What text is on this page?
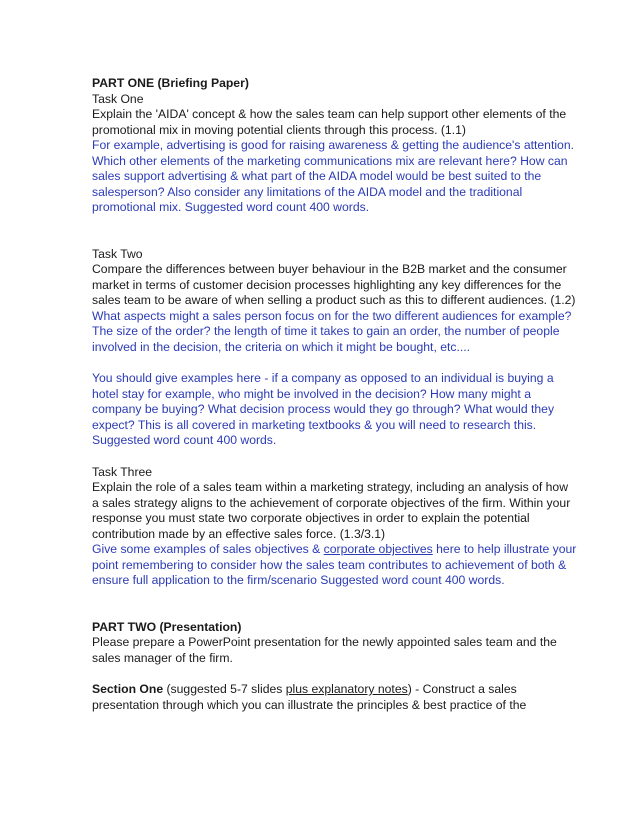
PART ONE (Briefing Paper)

Task One

Explain the 'AIDA' concept & how the sales team can help support other elements of the promotional mix in moving potential clients through this process. (1.1)

For example, advertising is good for raising awareness & getting the audience's attention. Which other elements of the marketing communications mix are relevant here? How can sales support advertising & what part of the AIDA model would be best suited to the salesperson? Also consider any limitations of the AIDA model and the traditional promotional mix. Suggested word count 400 words.

Task Two

Compare the differences between buyer behaviour in the B2B market and the consumer market in terms of customer decision processes highlighting any key differences for the sales team to be aware of when selling a product such as this to different audiences. (1.2)

What aspects might a sales person focus on for the two different audiences for example? The size of the order? the length of time it takes to gain an order, the number of people involved in the decision, the criteria on which it might be bought, etc....

You should give examples here - if a company as opposed to an individual is buying a hotel stay for example, who might be involved in the decision? How many might a company be buying? What decision process would they go through? What would they expect? This is all covered in marketing textbooks & you will need to research this. Suggested word count 400 words.

Task Three

Explain the role of a sales team within a marketing strategy, including an analysis of how a sales strategy aligns to the achievement of corporate objectives of the firm. Within your response you must state two corporate objectives in order to explain the potential contribution made by an effective sales force. (1.3/3.1)

Give some examples of sales objectives & corporate objectives here to help illustrate your point remembering to consider how the sales team contributes to achievement of both & ensure full application to the firm/scenario Suggested word count 400 words.

PART TWO (Presentation)

Please prepare a PowerPoint presentation for the newly appointed sales team and the sales manager of the firm.

Section One (suggested 5-7 slides plus explanatory notes) - Construct a sales presentation through which you can illustrate the principles & best practice of the
